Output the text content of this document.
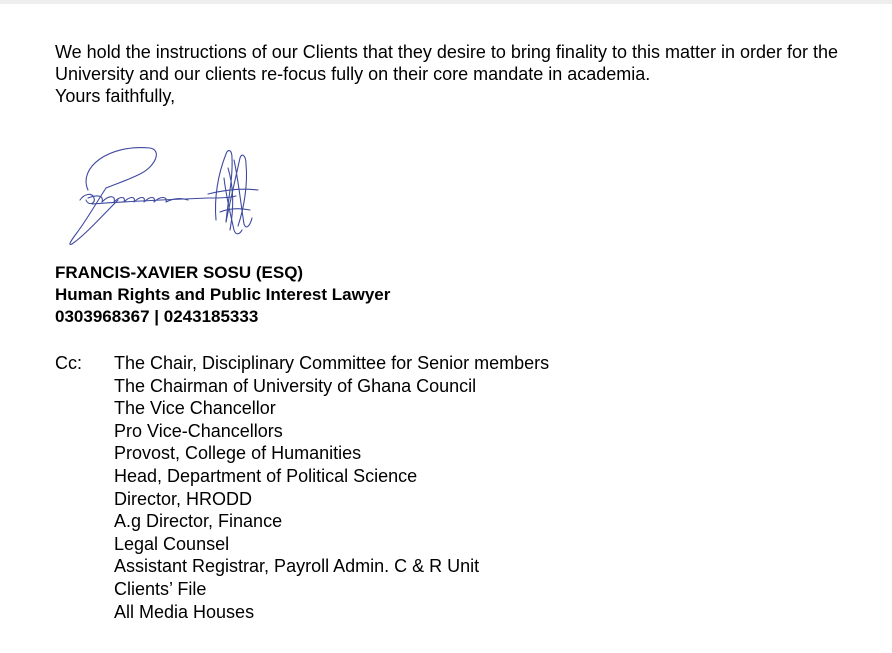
We hold the instructions of our Clients that they desire to bring finality to this matter in order for the University and our clients re-focus fully on their core mandate in academia.

Yours faithfully,

FRANCIS-XAVIER SOSU (ESQ)
Human Rights and Public Interest Lawyer
0303968367 | 0243185333
Cc: The Chair, Disciplinary Committee for Senior members
The Chairman of University of Ghana Council
The Vice Chancellor
Pro Vice-Chancellors
Provost, College of Humanities
Head, Department of Political Science
Director, HRODD
A.g Director, Finance
Legal Counsel
Assistant Registrar, Payroll Admin. C & R Unit
Clients’ File
All Media Houses
